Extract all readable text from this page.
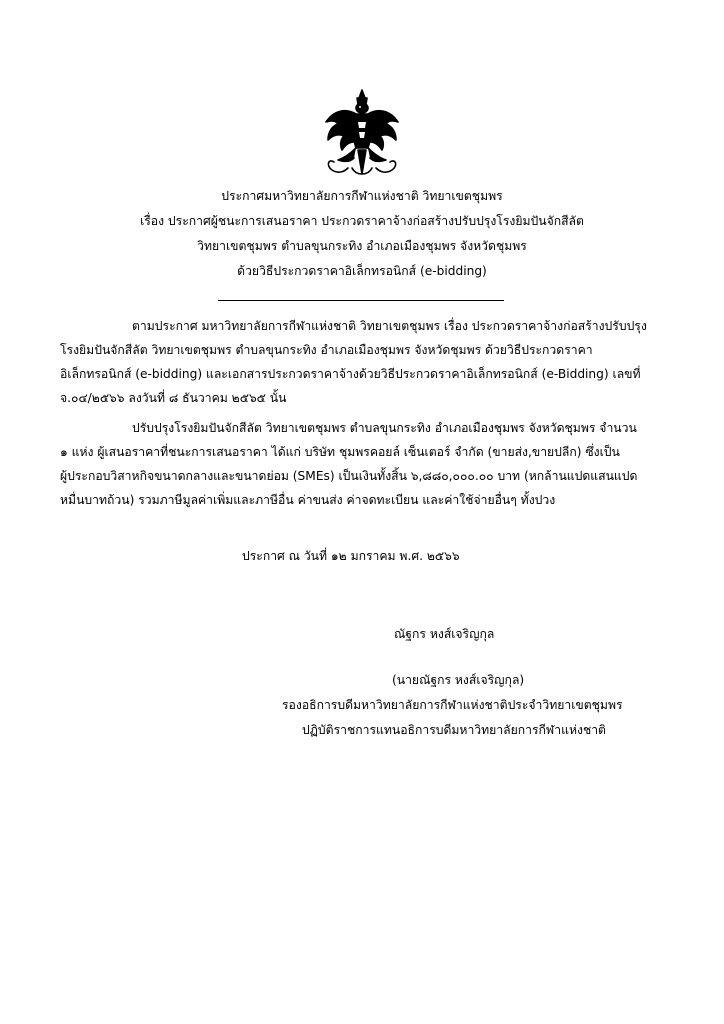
ประกาศมหาวิทยาลัยการกีฬาแห่งชาติ วิทยาเขตชุมพร
เรื่อง ประกาศผู้ชนะการเสนอราคา ประกวดราคาจ้างก่อสร้างปรับปรุงโรงยิมปันจักสีลัต
วิทยาเขตชุมพร ตำบลขุนกระทิง อำเภอเมืองชุมพร จังหวัดชุมพร
ด้วยวิธีประกวดราคาอิเล็กทรอนิกส์ (e-bidding)
ตามประกาศ มหาวิทยาลัยการกีฬาแห่งชาติ วิทยาเขตชุมพร เรื่อง ประกวดราคาจ้างก่อสร้างปรับปรุง
โรงยิมปันจักสีลัต วิทยาเขตชุมพร ตำบลขุนกระทิง อำเภอเมืองชุมพร จังหวัดชุมพร ด้วยวิธีประกวดราคา
อิเล็กทรอนิกส์ (e-bidding) และเอกสารประกวดราคาจ้างด้วยวิธีประกวดราคาอิเล็กทรอนิกส์ (e-Bidding) เลขที่
จ.๐๔/๒๕๖๖ ลงวันที่ ๘ ธันวาคม ๒๕๖๕ นั้น
ปรับปรุงโรงยิมปันจักสีลัต วิทยาเขตชุมพร ตำบลขุนกระทิง อำเภอเมืองชุมพร จังหวัดชุมพร จำนวน
๑ แห่ง ผู้เสนอราคาที่ชนะการเสนอราคา ได้แก่ บริษัท ชุมพรคอยล์ เซ็นเตอร์ จำกัด (ขายส่ง,ขายปลีก) ซึ่งเป็น
ผู้ประกอบวิสาหกิจขนาดกลางและขนาดย่อม (SMEs) เป็นเงินทั้งสิ้น ๖,๘๘๐,๐๐๐.๐๐ บาท (หกล้านแปดแสนแปด
หมื่นบาทถ้วน) รวมภาษีมูลค่าเพิ่มและภาษีอื่น ค่าขนส่ง ค่าจดทะเบียน และค่าใช้จ่ายอื่นๆ ทั้งปวง
ประกาศ ณ วันที่ ๑๒ มกราคม พ.ศ. ๒๕๖๖
ณัฐกร หงส์เจริญกุล
(นายณัฐกร หงส์เจริญกุล)
รองอธิการบดีมหาวิทยาลัยการกีฬาแห่งชาติประจำวิทยาเขตชุมพร
ปฏิบัติราชการแทนอธิการบดีมหาวิทยาลัยการกีฬาแห่งชาติ
